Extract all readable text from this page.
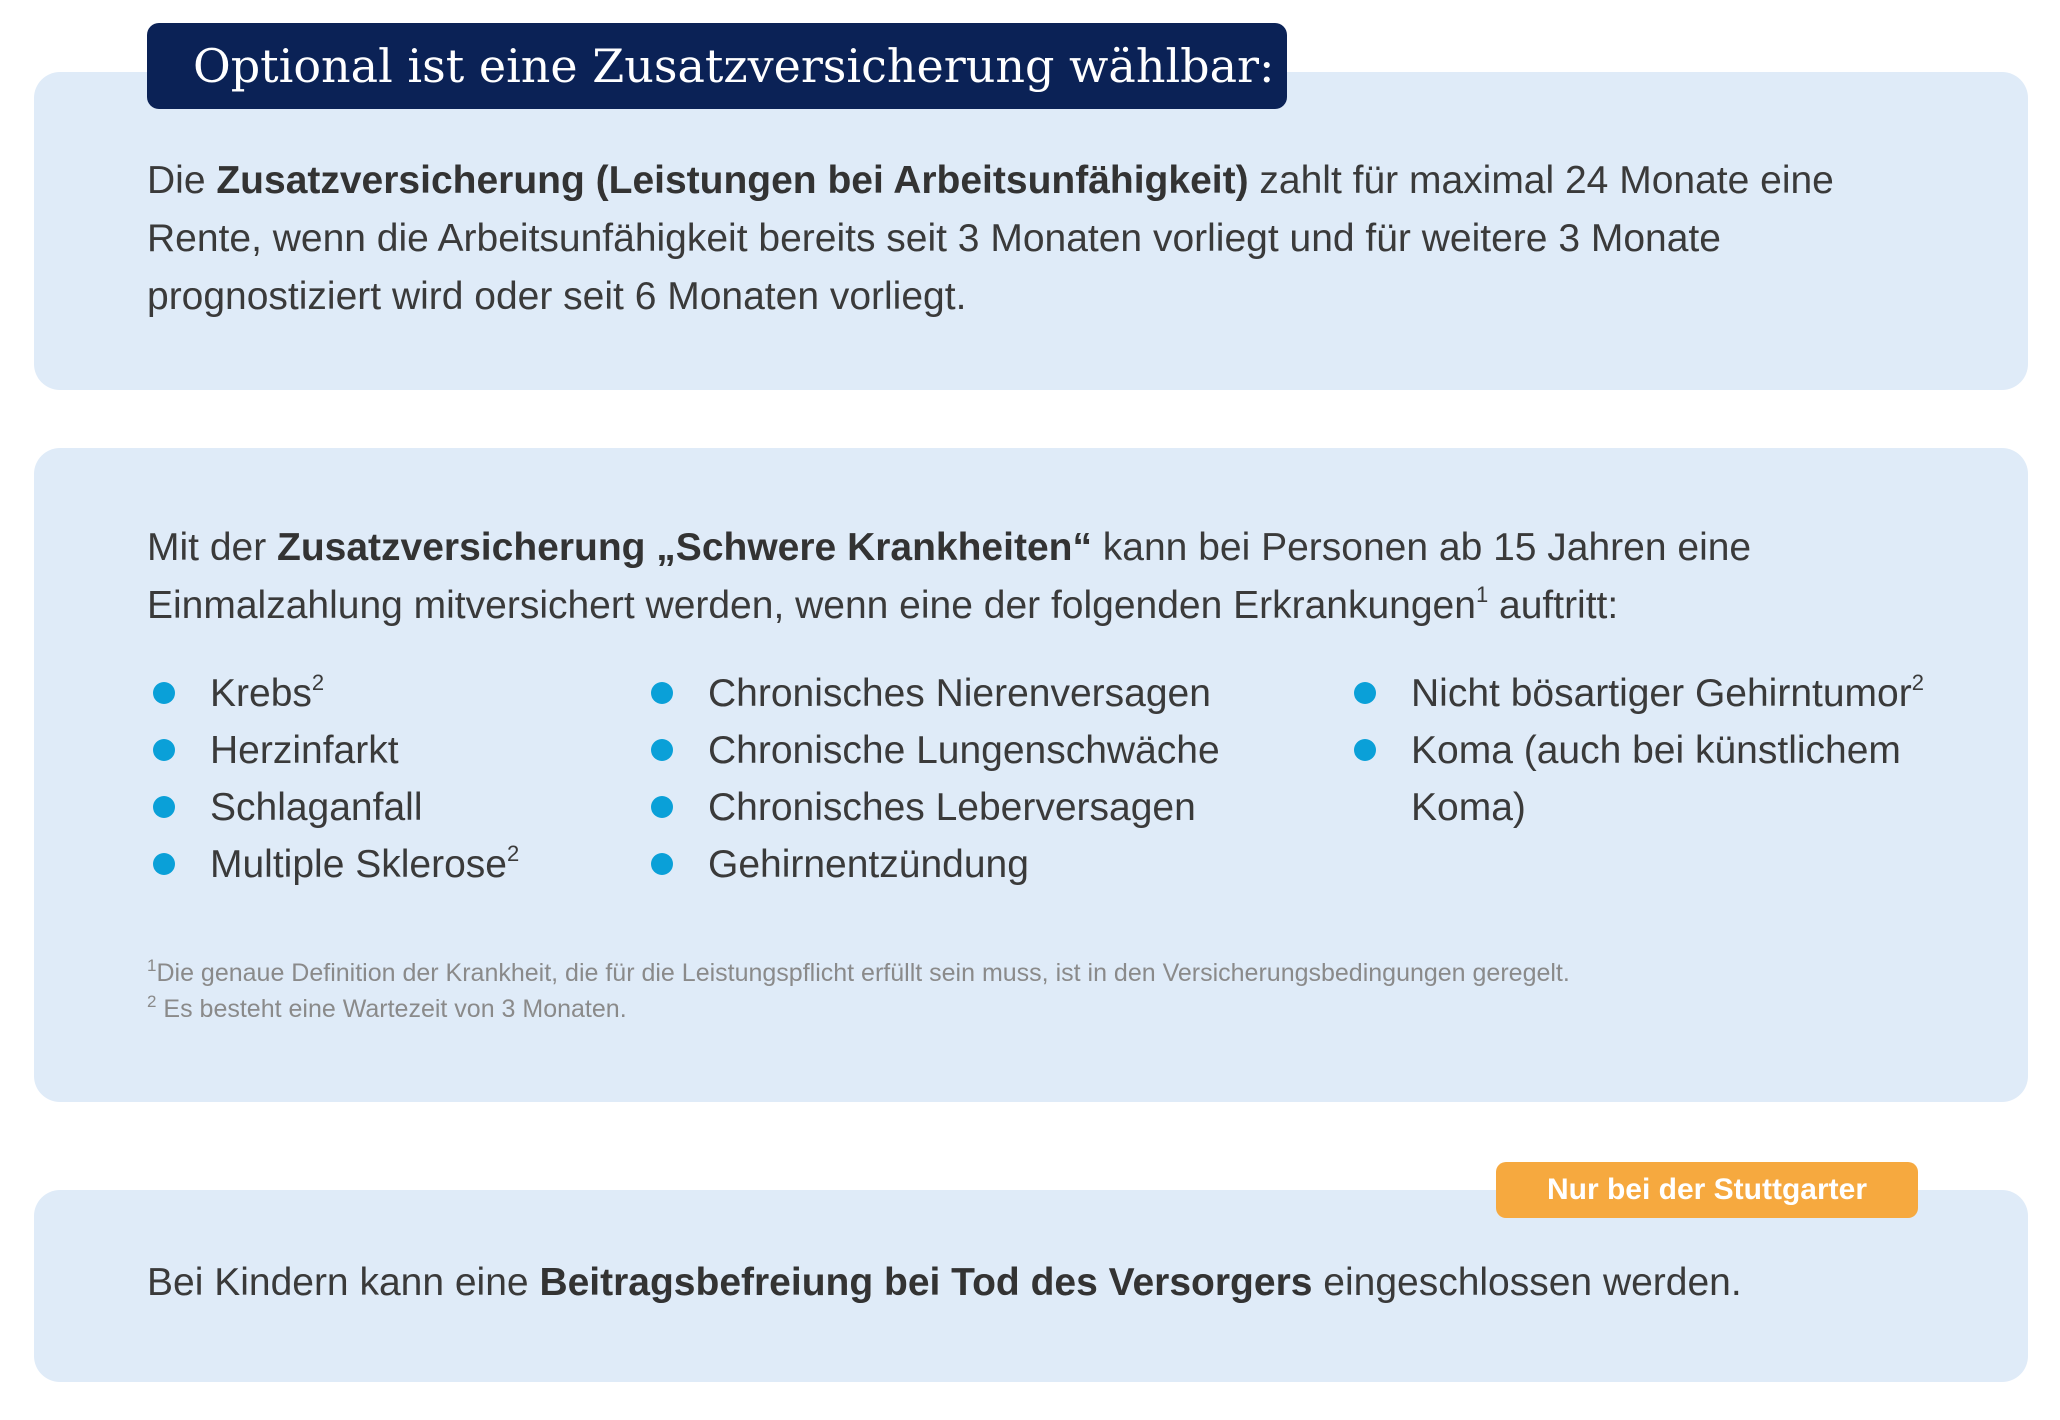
Optional ist eine Zusatzversicherung wählbar:

Die Zusatzversicherung (Leistungen bei Arbeitsunfähigkeit) zahlt für maximal 24 Monate eine Rente, wenn die Arbeitsunfähigkeit bereits seit 3 Monaten vorliegt und für weitere 3 Monate prognostiziert wird oder seit 6 Monaten vorliegt.

Mit der Zusatzversicherung „Schwere Krankheiten“ kann bei Personen ab 15 Jahren eine Einmalzahlung mitversichert werden, wenn eine der folgenden Erkrankungen$^1$ auftritt:

Krebs$^2$
Herzinfarkt
Schlaganfall
Multiple Sklerose$^2$
Chronisches Nierenversagen
Chronische Lungenschwäche
Chronisches Leberversagen
Gehirnentzündung
Nicht bösartiger Gehirntumor$^2$
Koma (auch bei künstlichem Koma)
$^1$Die genaue Definition der Krankheit, die für die Leistungspflicht erfüllt sein muss, ist in den Versicherungsbedingungen geregelt.
$^2$ Es besteht eine Wartezeit von 3 Monaten.
Nur bei der Stuttgarter

Bei Kindern kann eine Beitragsbefreiung bei Tod des Versorgers eingeschlossen werden.
